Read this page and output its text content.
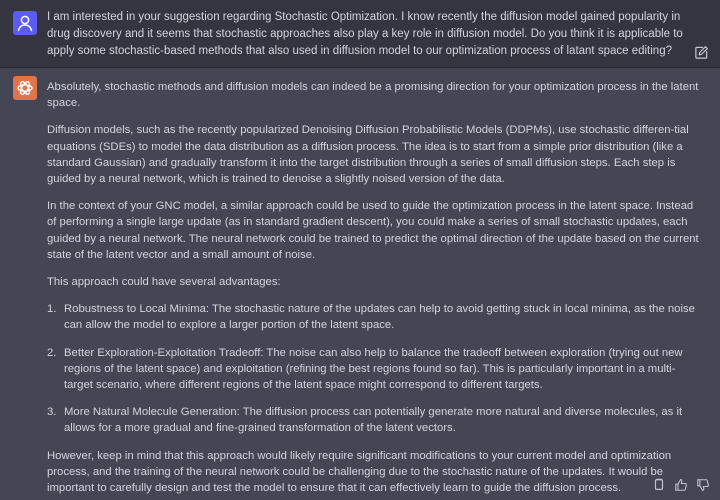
I am interested in your suggestion regarding Stochastic Optimization. I know recently the diffusion model gained popularity in drug discovery and it seems that stochastic approaches also play a key role in diffusion model. Do you think it is applicable to apply some stochastic-based methods that also used in diffusion model to our optimization process of latant space editing?

Absolutely, stochastic methods and diffusion models can indeed be a promising direction for your optimization process in the latent space.

Diffusion models, such as the recently popularized Denoising Diffusion Probabilistic Models (DDPMs), use stochastic differen-tial equations (SDEs) to model the data distribution as a diffusion process. The idea is to start from a simple prior distribution (like a standard Gaussian) and gradually transform it into the target distribution through a series of small diffusion steps. Each step is guided by a neural network, which is trained to denoise a slightly noised version of the data.

In the context of your GNC model, a similar approach could be used to guide the optimization process in the latent space. Instead of performing a single large update (as in standard gradient descent), you could make a series of small stochastic updates, each guided by a neural network. The neural network could be trained to predict the optimal direction of the update based on the current state of the latent vector and a small amount of noise.

This approach could have several advantages:

1. Robustness to Local Minima: The stochastic nature of the updates can help to avoid getting stuck in local minima, as the noise can allow the model to explore a larger portion of the latent space.

2. Better Exploration-Exploitation Tradeoff: The noise can also help to balance the tradeoff between exploration (trying out new regions of the latent space) and exploitation (refining the best regions found so far). This is particularly important in a multi-target scenario, where different regions of the latent space might correspond to different targets.

3. More Natural Molecule Generation: The diffusion process can potentially generate more natural and diverse molecules, as it allows for a more gradual and fine-grained transformation of the latent vectors.

However, keep in mind that this approach would likely require significant modifications to your current model and optimization process, and the training of the neural network could be challenging due to the stochastic nature of the updates. It would be important to carefully design and test the model to ensure that it can effectively learn to guide the diffusion process.
